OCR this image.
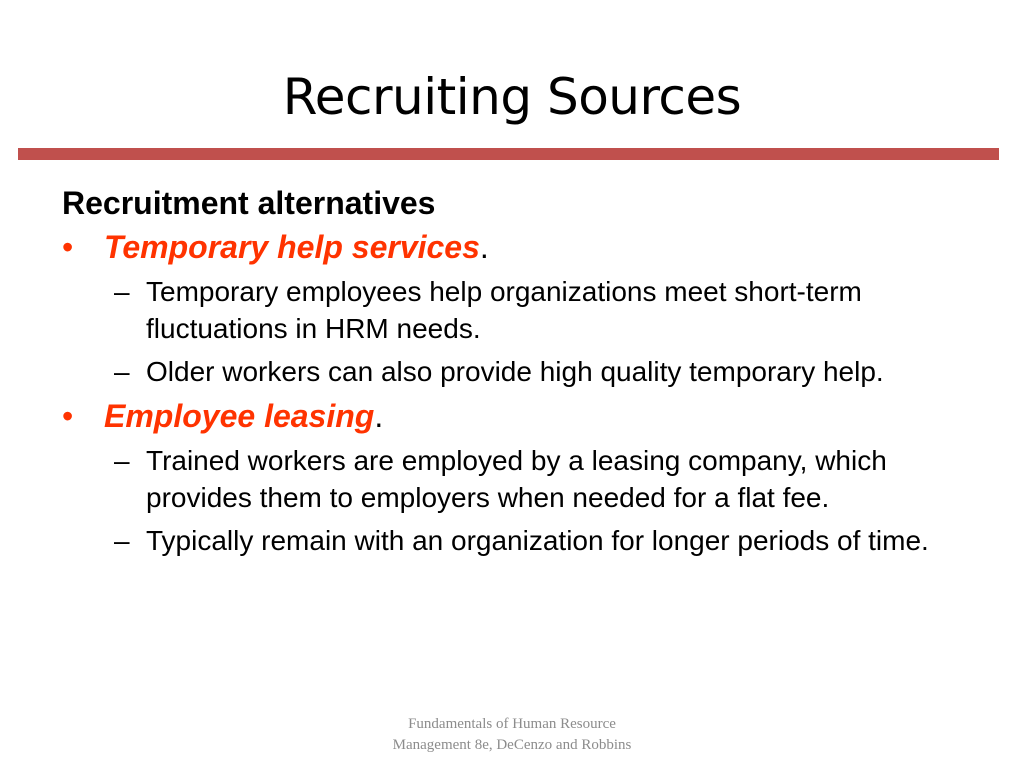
Recruiting Sources
Recruitment alternatives
• Temporary help services.
– Temporary employees help organizations meet short-term fluctuations in HRM needs.
– Older workers can also provide high quality temporary help.
• Employee leasing.
– Trained workers are employed by a leasing company, which provides them to employers when needed for a flat fee.
– Typically remain with an organization for longer periods of time.
Fundamentals of Human Resource
Management 8e, DeCenzo and Robbins
